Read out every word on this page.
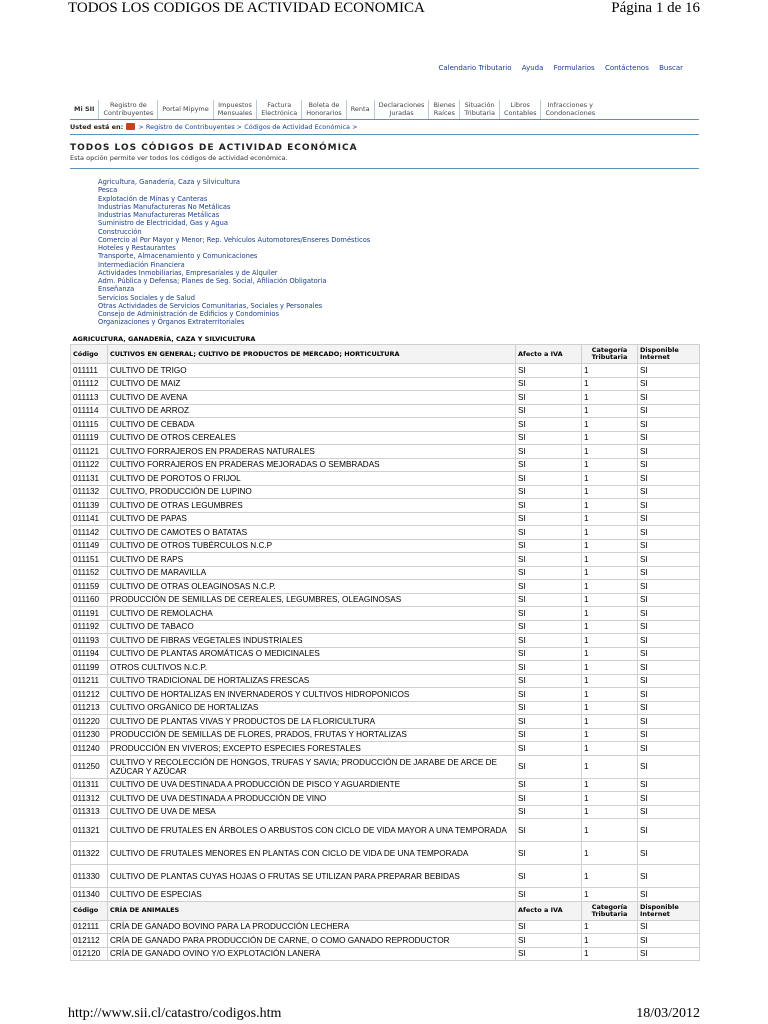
TODOS LOS CODIGOS DE ACTIVIDAD ECONOMICA	Página 1 de 16
Calendario Tributario Ayuda Formularios Contáctenos Buscar
Mi SII	Registro de
Contribuyentes Portal Mipyme Impuestos
Mensuales
Factura
Electrónica
Boleta de
Honorarios Renta Declaraciones
Juradas
Bienes
Raíces
Situación
Tributaria
Libros
Contables
Infracciones y
Condonaciones
Usted está en:  > Registro de Contribuyentes > Códigos de Actividad Económica >
TODOS LOS CÓDIGOS DE ACTIVIDAD ECONÓMICA
Esta opción permite ver todos los códigos de actividad económica.
Agricultura, Ganadería, Caza y Silvicultura
Pesca
Explotación de Minas y Canteras
Industrias Manufactureras No Metálicas
Industrias Manufactureras Metálicas
Suministro de Electricidad, Gas y Agua
Construcción
Comercio al Por Mayor y Menor; Rep. Vehículos Automotores/Enseres Domésticos
Hoteles y Restaurantes
Transporte, Almacenamiento y Comunicaciones
Intermediación Financiera
Actividades Inmobiliarias, Empresariales y de Alquiler
Adm. Pública y Defensa; Planes de Seg. Social, Afiliación Obligatoria
Enseñanza
Servicios Sociales y de Salud
Otras Actividades de Servicios Comunitarias, Sociales y Personales
Consejo de Administración de Edificios y Condominios
Organizaciones y Órganos Extraterritoriales
AGRICULTURA, GANADERÍA, CAZA Y SILVICULTURA				
Código	CULTIVOS EN GENERAL; CULTIVO DE PRODUCTOS DE MERCADO; HORTICULTURA	Afecto a IVA	Categoría Tributaria	Disponible Internet
011111	CULTIVO DE TRIGO	SI	1	SI
011112	CULTIVO DE MAIZ	SI	1	SI
011113	CULTIVO DE AVENA	SI	1	SI
011114	CULTIVO DE ARROZ	SI	1	SI
011115	CULTIVO DE CEBADA	SI	1	SI
011119	CULTIVO DE OTROS CEREALES	SI	1	SI
011121	CULTIVO FORRAJEROS EN PRADERAS NATURALES	SI	1	SI
011122	CULTIVO FORRAJEROS EN PRADERAS MEJORADAS O SEMBRADAS	SI	1	SI
011131	CULTIVO DE POROTOS O FRIJOL	SI	1	SI
011132	CULTIVO, PRODUCCIÓN DE LUPINO	SI	1	SI
011139	CULTIVO DE OTRAS LEGUMBRES	SI	1	SI
011141	CULTIVO DE PAPAS	SI	1	SI
011142	CULTIVO DE CAMOTES O BATATAS	SI	1	SI
011149	CULTIVO DE OTROS TUBÉRCULOS N.C.P	SI	1	SI
011151	CULTIVO DE RAPS	SI	1	SI
011152	CULTIVO DE MARAVILLA	SI	1	SI
011159	CULTIVO DE OTRAS OLEAGINOSAS N.C.P.	SI	1	SI
011160	PRODUCCIÓN DE SEMILLAS DE CEREALES, LEGUMBRES, OLEAGINOSAS	SI	1	SI
011191	CULTIVO DE REMOLACHA	SI	1	SI
011192	CULTIVO DE TABACO	SI	1	SI
011193	CULTIVO DE FIBRAS VEGETALES INDUSTRIALES	SI	1	SI
011194	CULTIVO DE PLANTAS AROMÁTICAS O MEDICINALES	SI	1	SI
011199	OTROS CULTIVOS N.C.P.	SI	1	SI
011211	CULTIVO TRADICIONAL DE HORTALIZAS FRESCAS	SI	1	SI
011212	CULTIVO DE HORTALIZAS EN INVERNADEROS Y CULTIVOS HIDROPONICOS	SI	1	SI
011213	CULTIVO ORGÁNICO DE HORTALIZAS	SI	1	SI
011220	CULTIVO DE PLANTAS VIVAS Y PRODUCTOS DE LA FLORICULTURA	SI	1	SI
011230	PRODUCCIÓN DE SEMILLAS DE FLORES, PRADOS, FRUTAS Y HORTALIZAS	SI	1	SI
011240	PRODUCCIÓN EN VIVEROS; EXCEPTO ESPECIES FORESTALES	SI	1	SI
011250	CULTIVO Y RECOLECCIÓN DE HONGOS, TRUFAS Y SAVIA; PRODUCCIÓN DE JARABE DE ARCE DE AZÚCAR Y AZÚCAR	SI	1	SI
011311	CULTIVO DE UVA DESTINADA A PRODUCCIÓN DE PISCO Y AGUARDIENTE	SI	1	SI
011312	CULTIVO DE UVA DESTINADA A PRODUCCIÓN DE VINO	SI	1	SI
011313	CULTIVO DE UVA DE MESA	SI	1	SI
011321	CULTIVO DE FRUTALES EN ÁRBOLES O ARBUSTOS CON CICLO DE VIDA MAYOR A UNA TEMPORADA	SI	1	SI
011322	CULTIVO DE FRUTALES MENORES EN PLANTAS CON CICLO DE VIDA DE UNA TEMPORADA	SI	1	SI
011330	CULTIVO DE PLANTAS CUYAS HOJAS O FRUTAS SE UTILIZAN PARA PREPARAR BEBIDAS	SI	1	SI
011340	CULTIVO DE ESPECIAS	SI	1	SI
Código	CRÍA DE ANIMALES	Afecto a IVA	Categoría Tributaria	Disponible Internet
012111	CRÍA DE GANADO BOVINO PARA LA PRODUCCIÓN LECHERA	SI	1	SI
012112	CRÍA DE GANADO PARA PRODUCCIÓN DE CARNE, O COMO GANADO REPRODUCTOR	SI	1	SI
012120	CRÍA DE GANADO OVINO Y/O EXPLOTACIÓN LANERA	SI	1	SI
http://www.sii.cl/catastro/codigos.htm	18/03/2012
